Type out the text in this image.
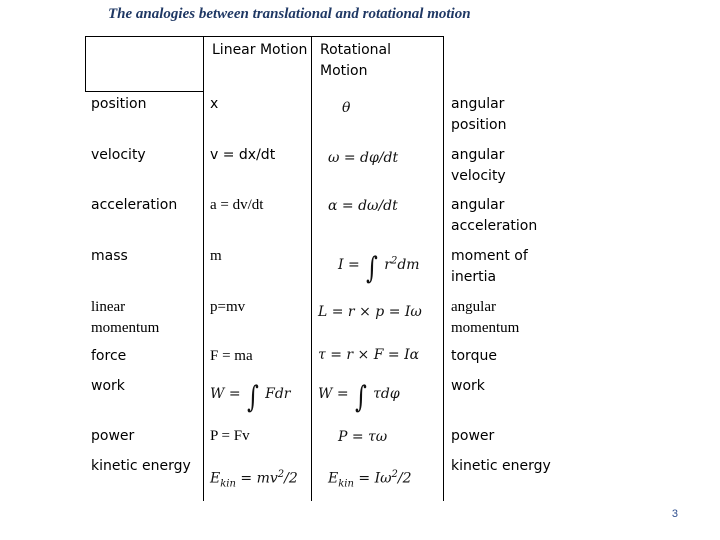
The analogies between translational and rotational motion
Linear Motion Rotational Motion
position
velocity
acceleration
mass
linear momentum
force
work
power
kinetic energy
x
v = dx/dt
a = dv/dt
m
p=mv
F = ma
W = ∫ Fdr
P = Fv
$E_{kin} = mv^2/2$
θ
ω = dφ/dt
α = dω/dt
I = ∫ $r^2dm$
L = r × p = Iω
τ = r × F = Iα
W = ∫ τdφ
P = τω
$E_{kin} = I\omega^2/2$
angular position
angular velocity
angular acceleration
moment of inertia
angular momentum
torque
work
power
kinetic energy
3
